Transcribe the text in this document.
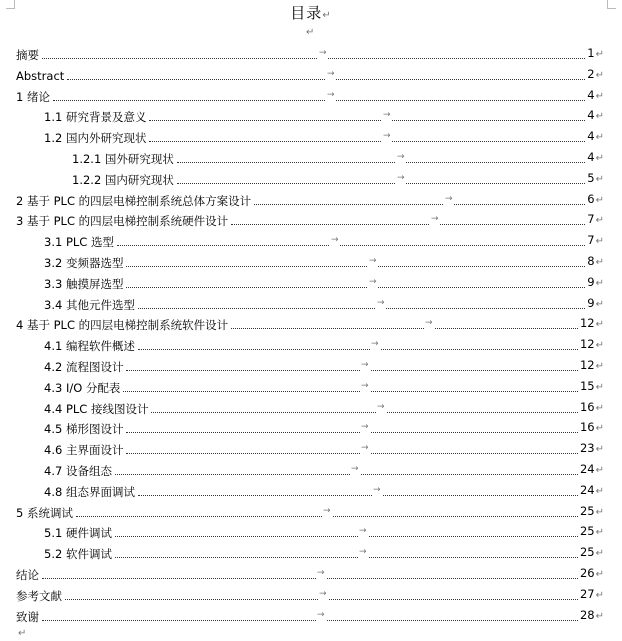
目录↵
↵
摘要	→	1↵
Abstract	→	2↵
1 绪论	→	4↵
1.1 研究背景及意义	→	4↵
1.2 国内外研究现状	→	4↵
1.2.1 国外研究现状	→	4↵
1.2.2 国内研究现状	→	5↵
2 基于 PLC 的四层电梯控制系统总体方案设计	→	6↵
3 基于 PLC 的四层电梯控制系统硬件设计	→	7↵
3.1 PLC 选型	→	7↵
3.2 变频器选型	→	8↵
3.3 触摸屏选型	→	9↵
3.4 其他元件选型	→	9↵
4 基于 PLC 的四层电梯控制系统软件设计	→	12↵
4.1 编程软件概述	→	12↵
4.2 流程图设计	→	12↵
4.3 I/O 分配表	→	15↵
4.4 PLC 接线图设计	→	16↵
4.5 梯形图设计	→	16↵
4.6 主界面设计	→	23↵
4.7 设备组态	→	24↵
4.8 组态界面调试	→	24↵
5 系统调试	→	25↵
5.1 硬件调试	→	25↵
5.2 软件调试	→	25↵
结论	→	26↵
参考文献	→	27↵
致谢	→	28↵
↵
